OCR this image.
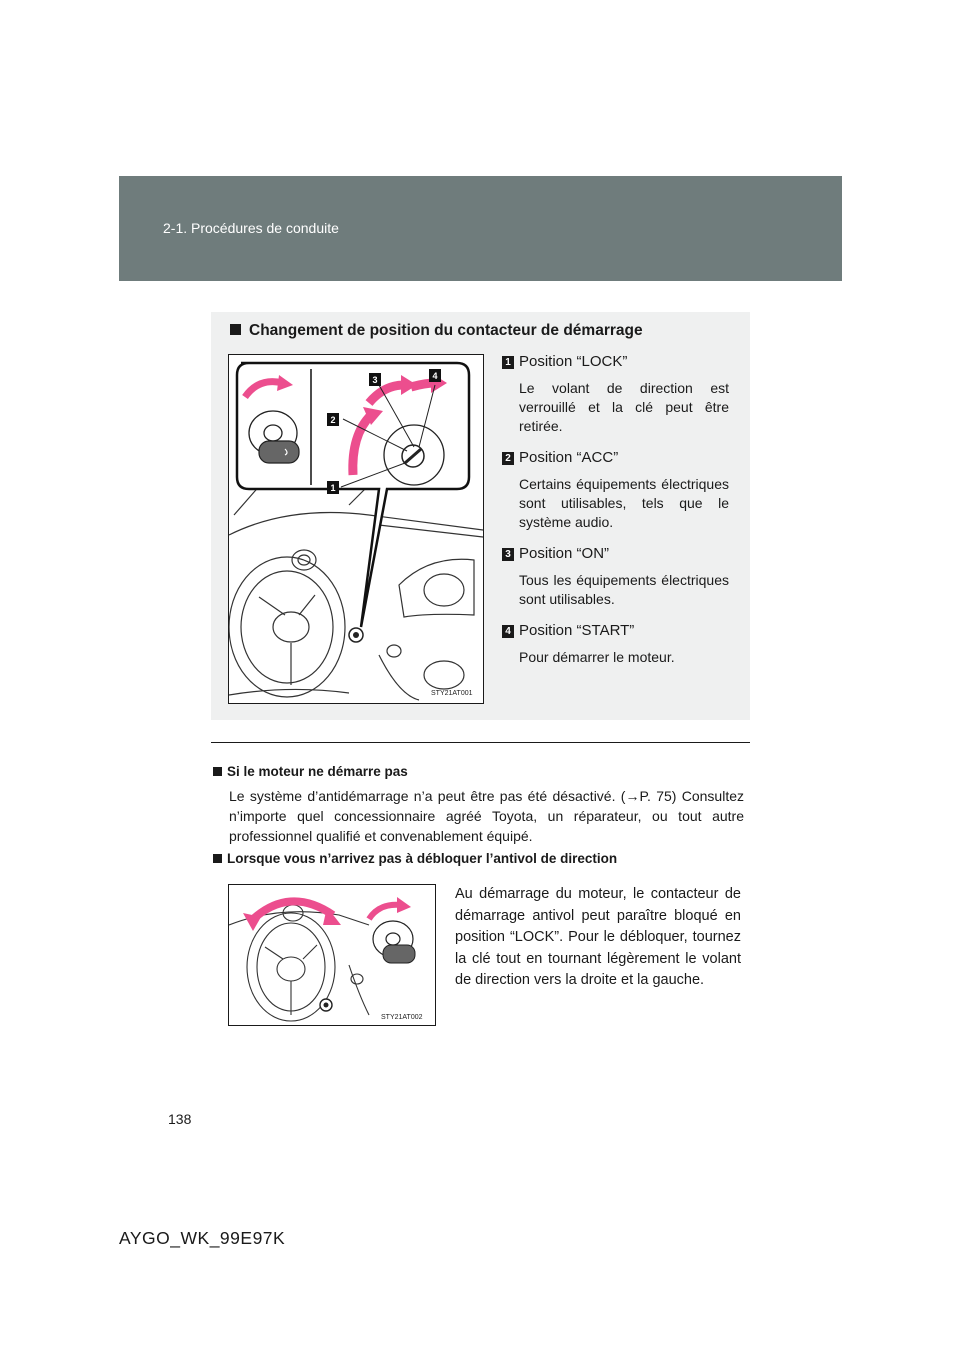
2-1. Procédures de conduite
Changement de position du contacteur de démarrage
1
2
3	4
STY21AT001
1 Position “LOCK”
Le volant de direction est verrouillé et la clé peut être retirée.
2 Position “ACC”
Certains équipements électriques sont utilisables, tels que le système audio.
3 Position “ON”
Tous les équipements électriques sont utilisables.
4 Position “START”
Pour démarrer le moteur.
Si le moteur ne démarre pas
Le système d’antidémarrage n’a peut être pas été désactivé. (→P. 75) Consultez n’importe quel concessionnaire agréé Toyota, un réparateur, ou tout autre professionnel qualifié et convenablement équipé.
Lorsque vous n’arrivez pas à débloquer l’antivol de direction
STY21AT002
Au démarrage du moteur, le contacteur de démarrage antivol peut paraître bloqué en position “LOCK”. Pour le débloquer, tournez la clé tout en tournant légèrement le volant de direction vers la droite et la gauche.
138
AYGO_WK_99E97K
